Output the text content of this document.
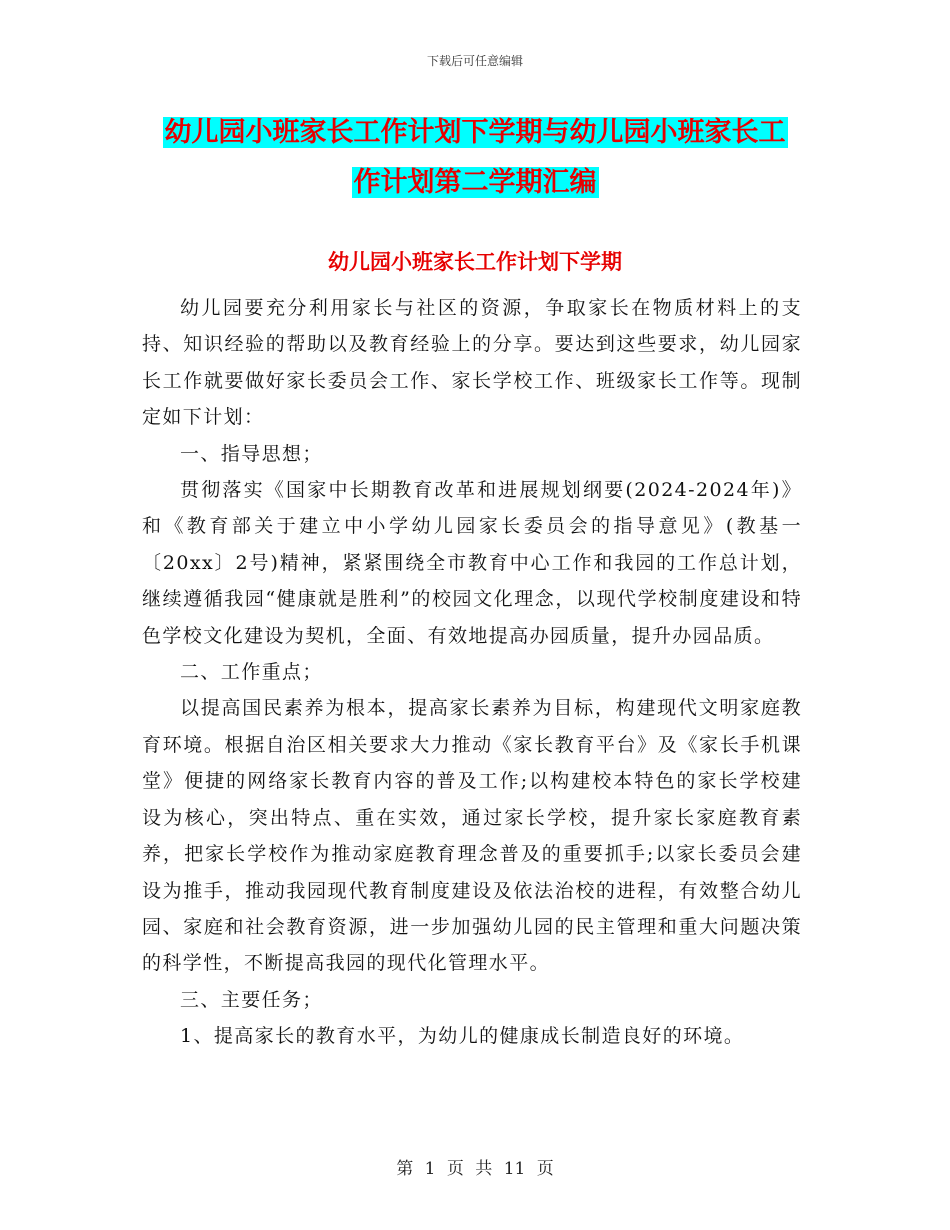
下载后可任意编辑
幼儿园小班家长工作计划下学期与幼儿园小班家长工
作计划第二学期汇编
幼儿园小班家长工作计划下学期

幼儿园要充分利用家长与社区的资源，争取家长在物质材料上的支持、知识经验的帮助以及教育经验上的分享。要达到这些要求，幼儿园家长工作就要做好家长委员会工作、家长学校工作、班级家长工作等。现制定如下计划：

一、指导思想；

贯彻落实《国家中长期教育改革和进展规划纲要(2024-2024年)》和《教育部关于建立中小学幼儿园家长委员会的指导意见》(教基一〔20xx〕2号)精神，紧紧围绕全市教育中心工作和我园的工作总计划，继续遵循我园“健康就是胜利”的校园文化理念，以现代学校制度建设和特色学校文化建设为契机，全面、有效地提高办园质量，提升办园品质。

二、工作重点；

以提高国民素养为根本，提高家长素养为目标，构建现代文明家庭教育环境。根据自治区相关要求大力推动《家长教育平台》及《家长手机课堂》便捷的网络家长教育内容的普及工作;以构建校本特色的家长学校建设为核心，突出特点、重在实效，通过家长学校，提升家长家庭教育素养，把家长学校作为推动家庭教育理念普及的重要抓手;以家长委员会建设为推手，推动我园现代教育制度建设及依法治校的进程，有效整合幼儿园、家庭和社会教育资源，进一步加强幼儿园的民主管理和重大问题决策的科学性，不断提高我园的现代化管理水平。

三、主要任务；

1、提高家长的教育水平，为幼儿的健康成长制造良好的环境。

第 1 页 共 11 页
